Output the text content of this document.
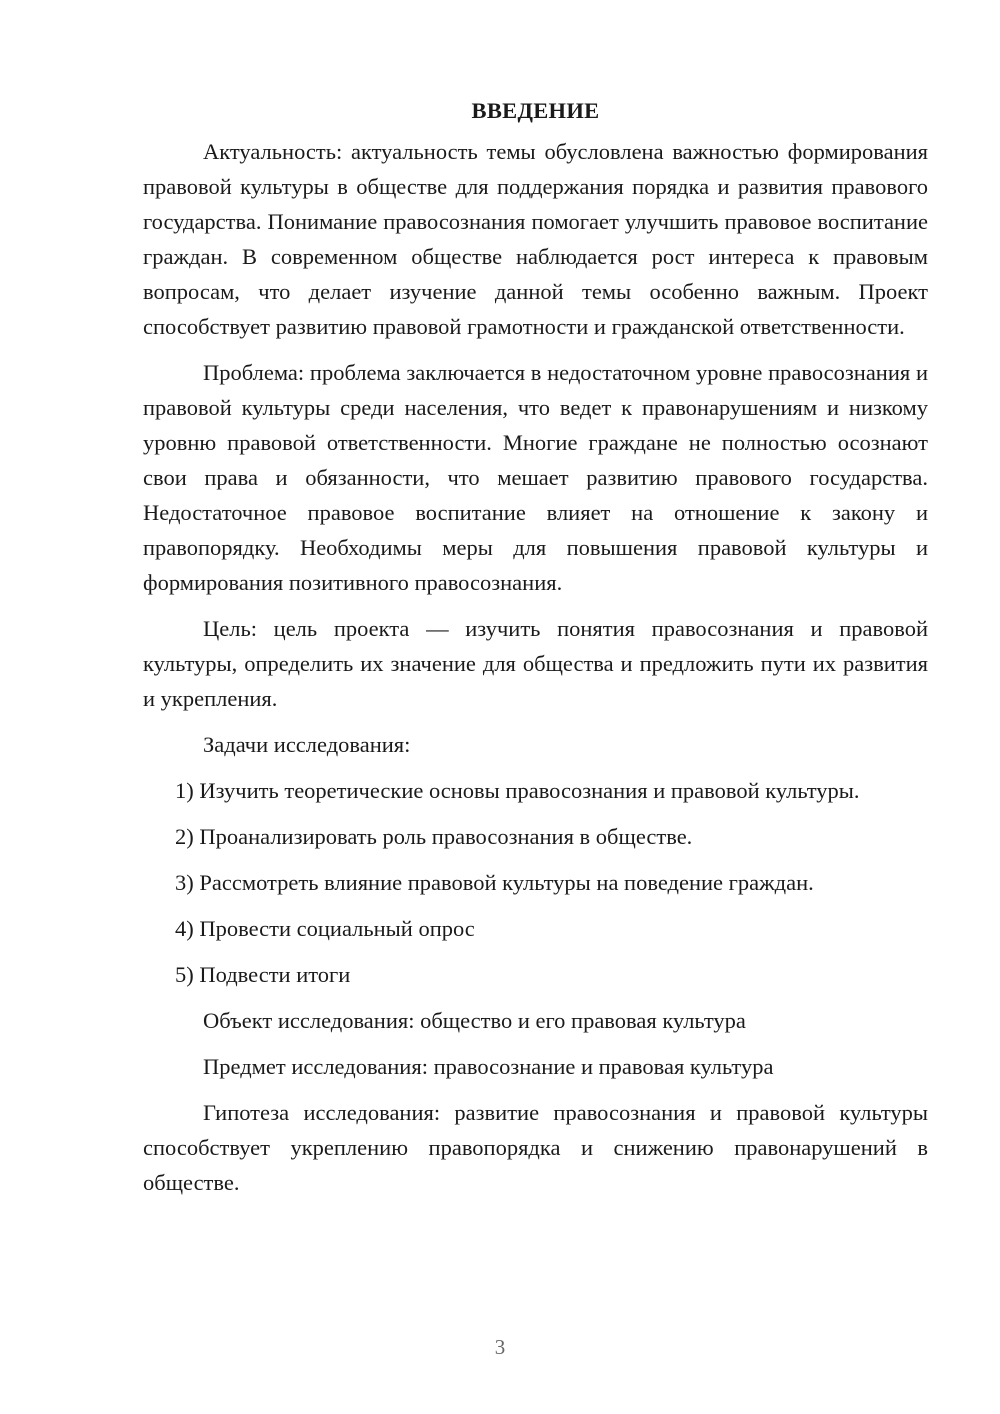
ВВЕДЕНИЕ

Актуальность: актуальность темы обусловлена важностью формирования правовой культуры в обществе для поддержания порядка и развития правового государства. Понимание правосознания помогает улучшить правовое воспитание граждан. В современном обществе наблюдается рост интереса к правовым вопросам, что делает изучение данной темы особенно важным. Проект способствует развитию правовой грамотности и гражданской ответственности.

Проблема: проблема заключается в недостаточном уровне правосознания и правовой культуры среди населения, что ведет к правонарушениям и низкому уровню правовой ответственности. Многие граждане не полностью осознают свои права и обязанности, что мешает развитию правового государства. Недостаточное правовое воспитание влияет на отношение к закону и правопорядку. Необходимы меры для повышения правовой культуры и формирования позитивного правосознания.

Цель: цель проекта — изучить понятия правосознания и правовой культуры, определить их значение для общества и предложить пути их развития и укрепления.

Задачи исследования:

1) Изучить теоретические основы правосознания и правовой культуры.

2) Проанализировать роль правосознания в обществе.

3) Рассмотреть влияние правовой культуры на поведение граждан.

4) Провести социальный опрос

5) Подвести итоги

Объект исследования: общество и его правовая культура

Предмет исследования: правосознание и правовая культура

Гипотеза исследования: развитие правосознания и правовой культуры способствует укреплению правопорядка и снижению правонарушений в обществе.

3
